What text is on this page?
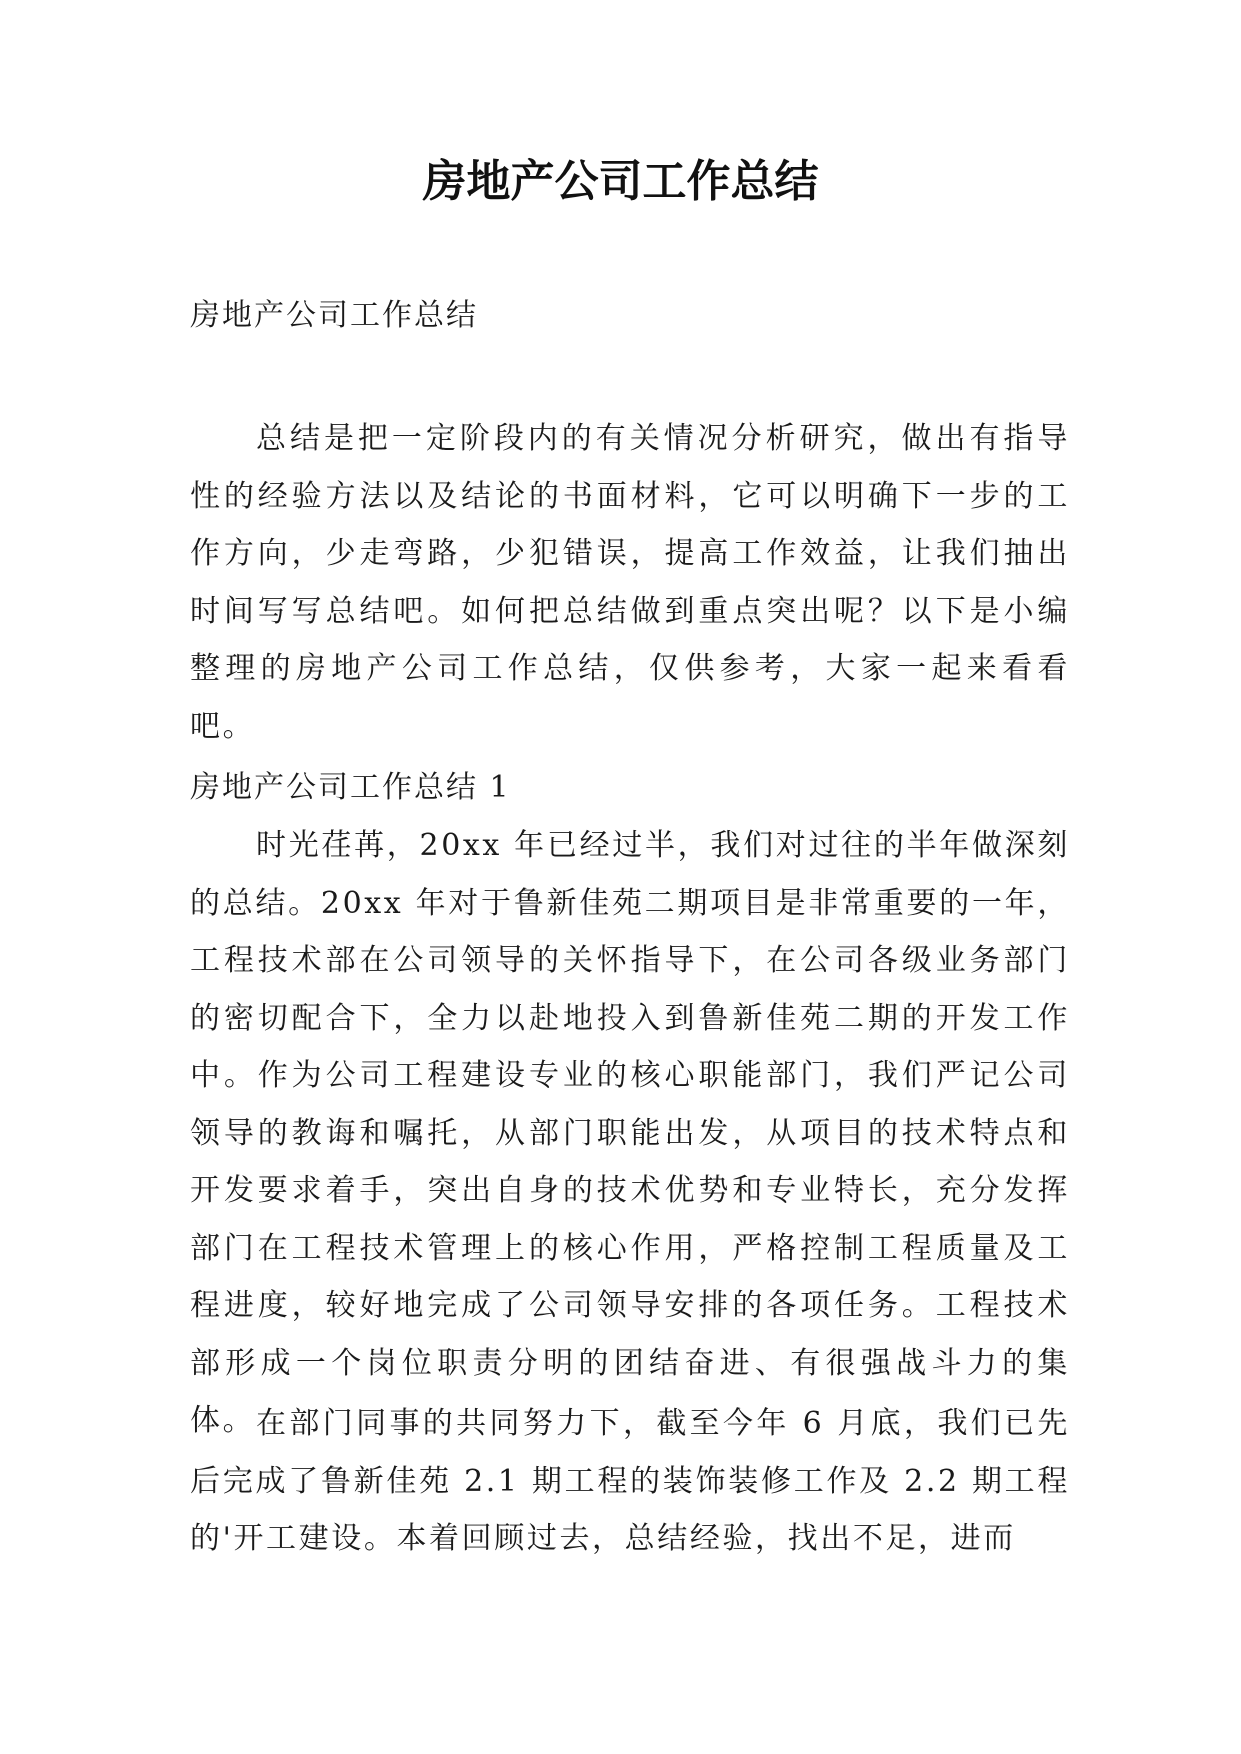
房地产公司工作总结

房地产公司工作总结

总结是把一定阶段内的有关情况分析研究，做出有指导性的经验方法以及结论的书面材料，它可以明确下一步的工作方向，少走弯路，少犯错误，提高工作效益，让我们抽出时间写写总结吧。如何把总结做到重点突出呢？以下是小编整理的房地产公司工作总结，仅供参考，大家一起来看看吧。

房地产公司工作总结 1

时光荏苒，20xx 年已经过半，我们对过往的半年做深刻的总结。20xx 年对于鲁新佳苑二期项目是非常重要的一年，工程技术部在公司领导的关怀指导下，在公司各级业务部门的密切配合下，全力以赴地投入到鲁新佳苑二期的开发工作中。作为公司工程建设专业的核心职能部门，我们严记公司领导的教诲和嘱托，从部门职能出发，从项目的技术特点和开发要求着手，突出自身的技术优势和专业特长，充分发挥部门在工程技术管理上的核心作用，严格控制工程质量及工程进度，较好地完成了公司领导安排的各项任务。工程技术部形成一个岗位职责分明的团结奋进、有很强战斗力的集体。 在部门同事的共同努力下，截至今年 6 月底，我们已先后完成了鲁新佳苑 2.1 期工程的装饰装修工作及 2.2 期工程的'开工建设。本着回顾过去，总结经验，找出不足，进而
